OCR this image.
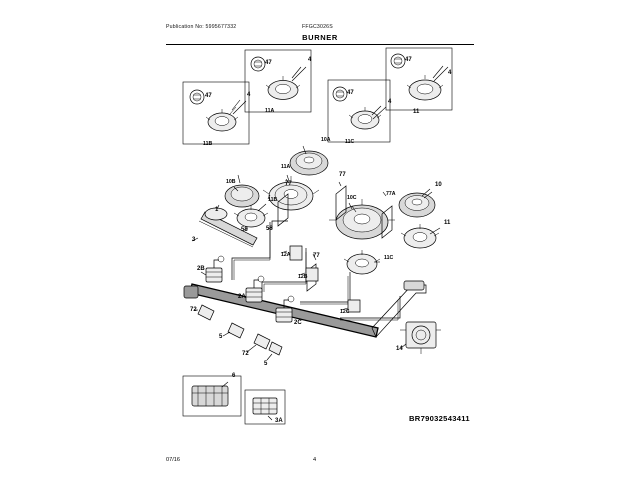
Publication No: 5995677332	FFGC3026S
BURNER
47
47
47
47
4
4
4
4
11
11A
11B	11C
10A
11A
10B
11B
77
77
77A
77
10C
10
11
11C
1
3
58	58
12A
12B
12C
2B
2A
2C
72
72
5
5
14
6
3A	BR79032543411
07/16	4
